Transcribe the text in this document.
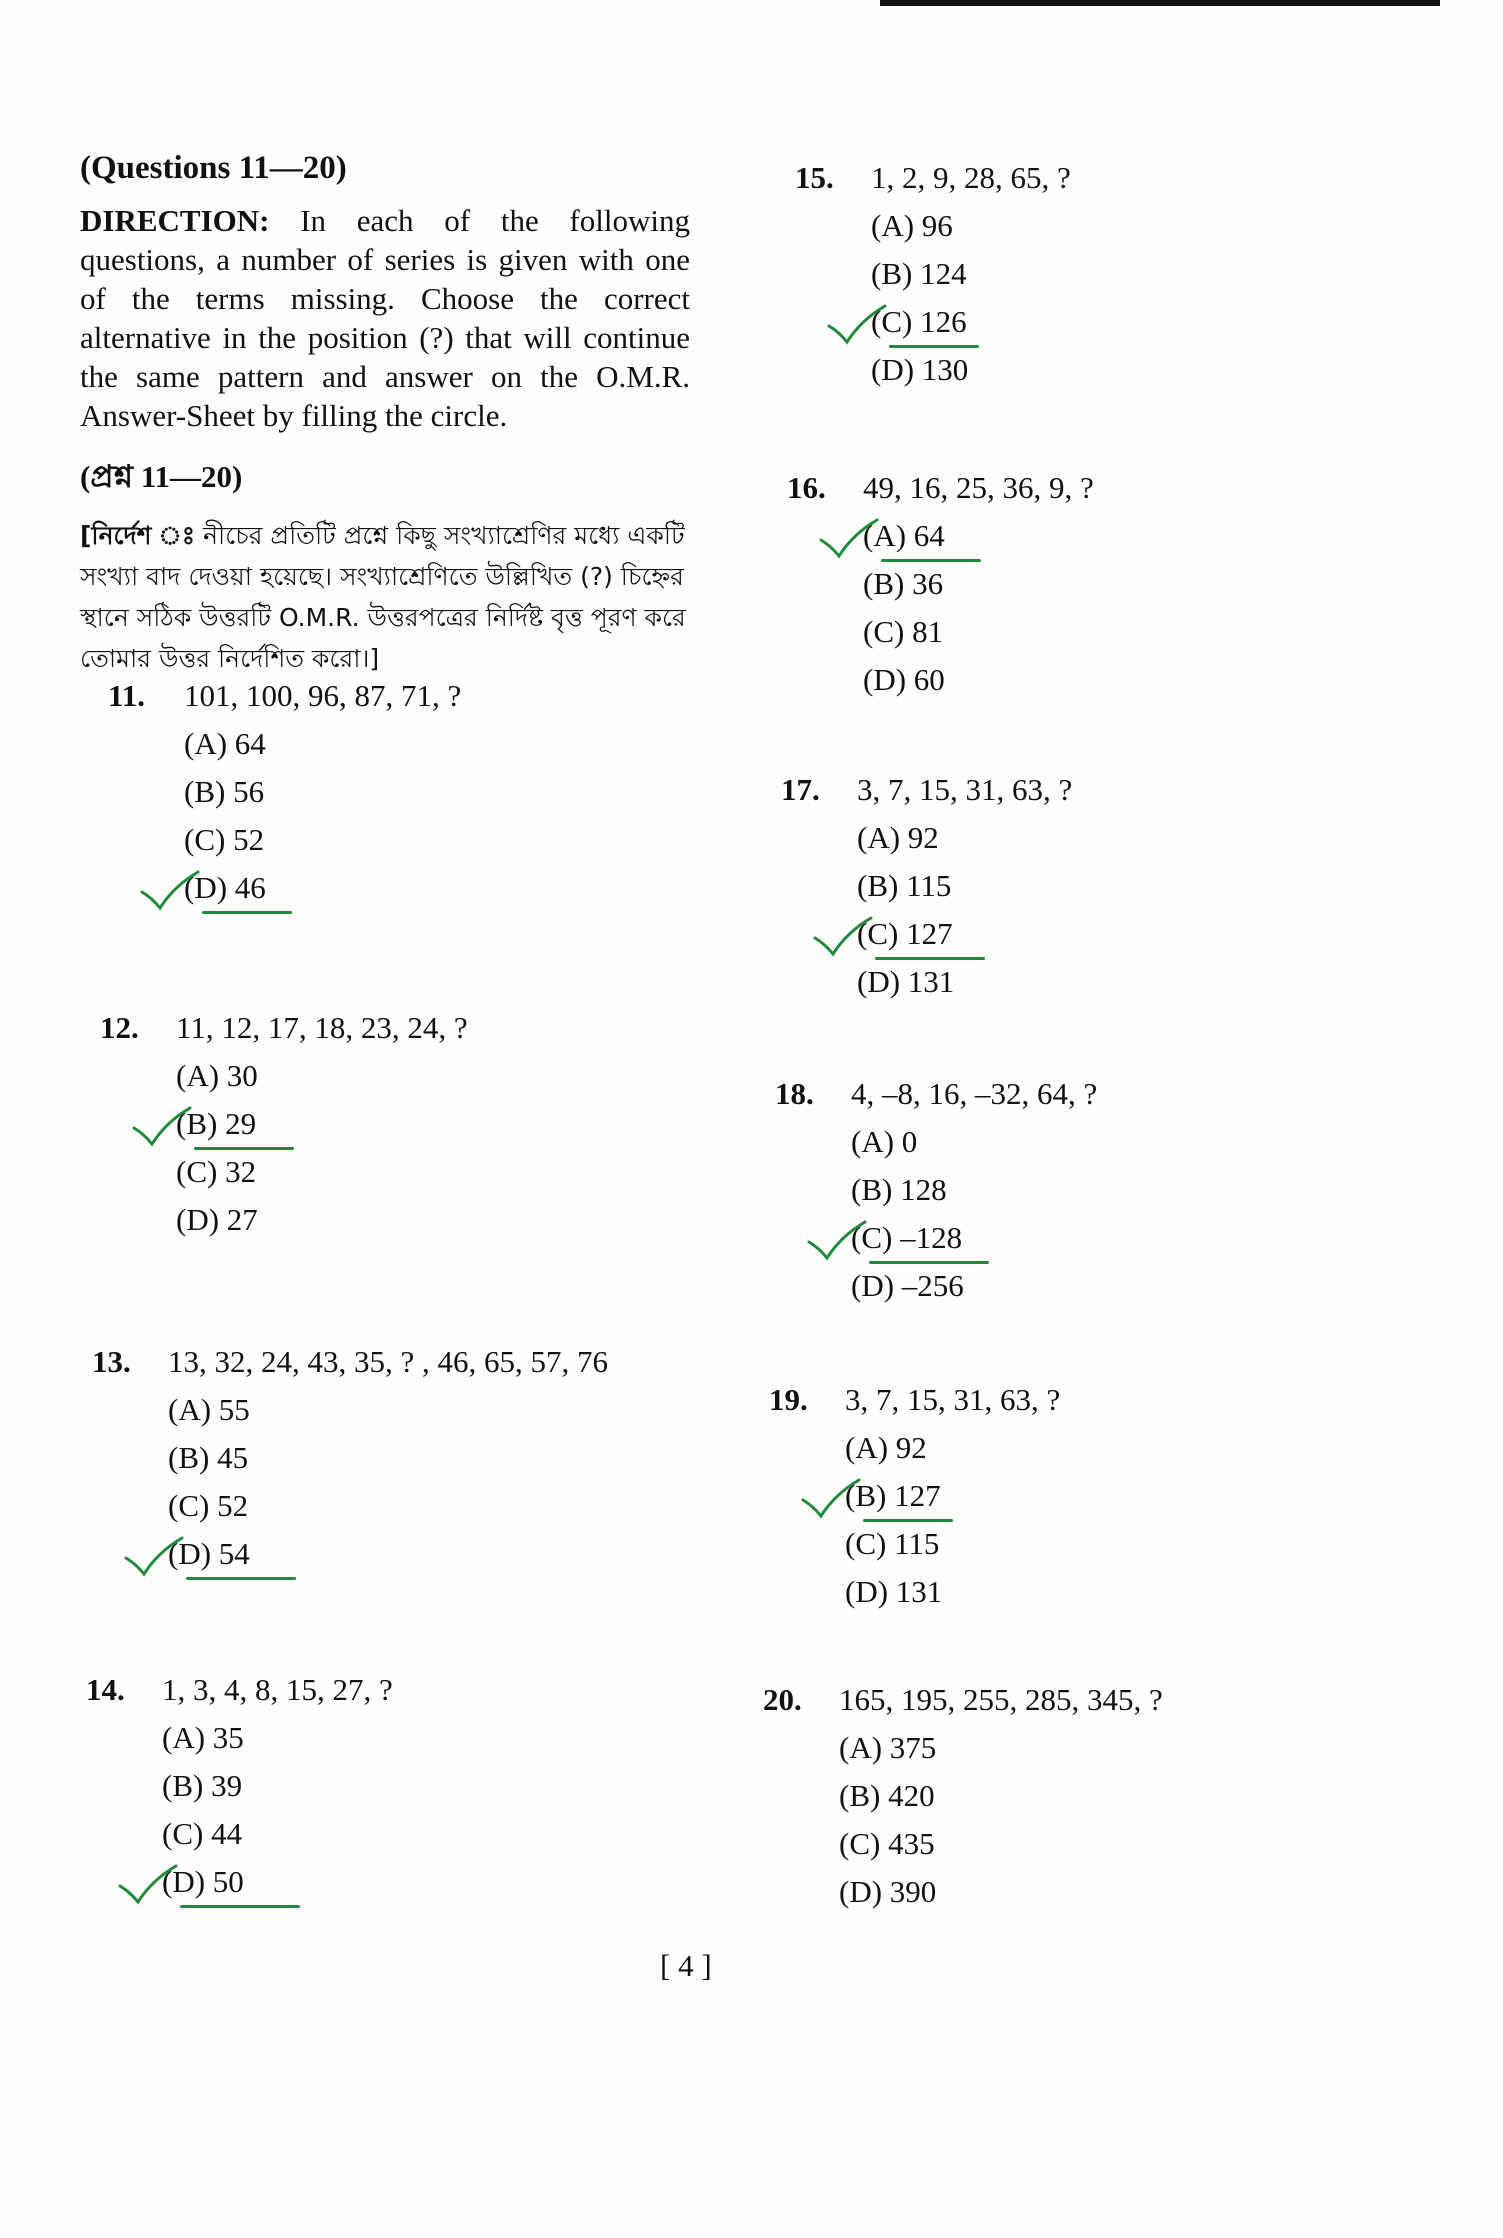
(Questions 11—20)

DIRECTION: In each of the following questions, a number of series is given with one of the terms missing. Choose the correct alternative in the position (?) that will continue the same pattern and answer on the O.M.R. Answer-Sheet by filling the circle.

(প্রশ্ন 11—20)

[নির্দেশ ঃ নীচের প্রতিটি প্রশ্নে কিছু সংখ্যাশ্রেণির মধ্যে একটি সংখ্যা বাদ দেওয়া হয়েছে। সংখ্যাশ্রেণিতে উল্লিখিত (?) চিহ্নের স্থানে সঠিক উত্তরটি O.M.R. উত্তরপত্রের নির্দিষ্ট বৃত্ত পূরণ করে তোমার উত্তর নির্দেশিত করো।]

11.	101, 100, 96, 87, 71, ?
(A) 64
(B) 56
(C) 52
(D) 46
12.	11, 12, 17, 18, 23, 24, ?
(A) 30
(B) 29
(C) 32
(D) 27
13.	13, 32, 24, 43, 35, ? , 46, 65, 57, 76
(A) 55
(B) 45
(C) 52
(D) 54
14.	1, 3, 4, 8, 15, 27, ?
(A) 35
(B) 39
(C) 44
(D) 50
15.	1, 2, 9, 28, 65, ?
(A) 96
(B) 124
(C) 126
(D) 130
16.	49, 16, 25, 36, 9, ?
(A) 64
(B) 36
(C) 81
(D) 60
17.	3, 7, 15, 31, 63, ?
(A) 92
(B) 115
(C) 127
(D) 131
18.	4, –8, 16, –32, 64, ?
(A) 0
(B) 128
(C) –128
(D) –256
19.	3, 7, 15, 31, 63, ?
(A) 92
(B) 127
(C) 115
(D) 131
20.	165, 195, 255, 285, 345, ?
(A) 375
(B) 420
(C) 435
(D) 390
[ 4 ]
